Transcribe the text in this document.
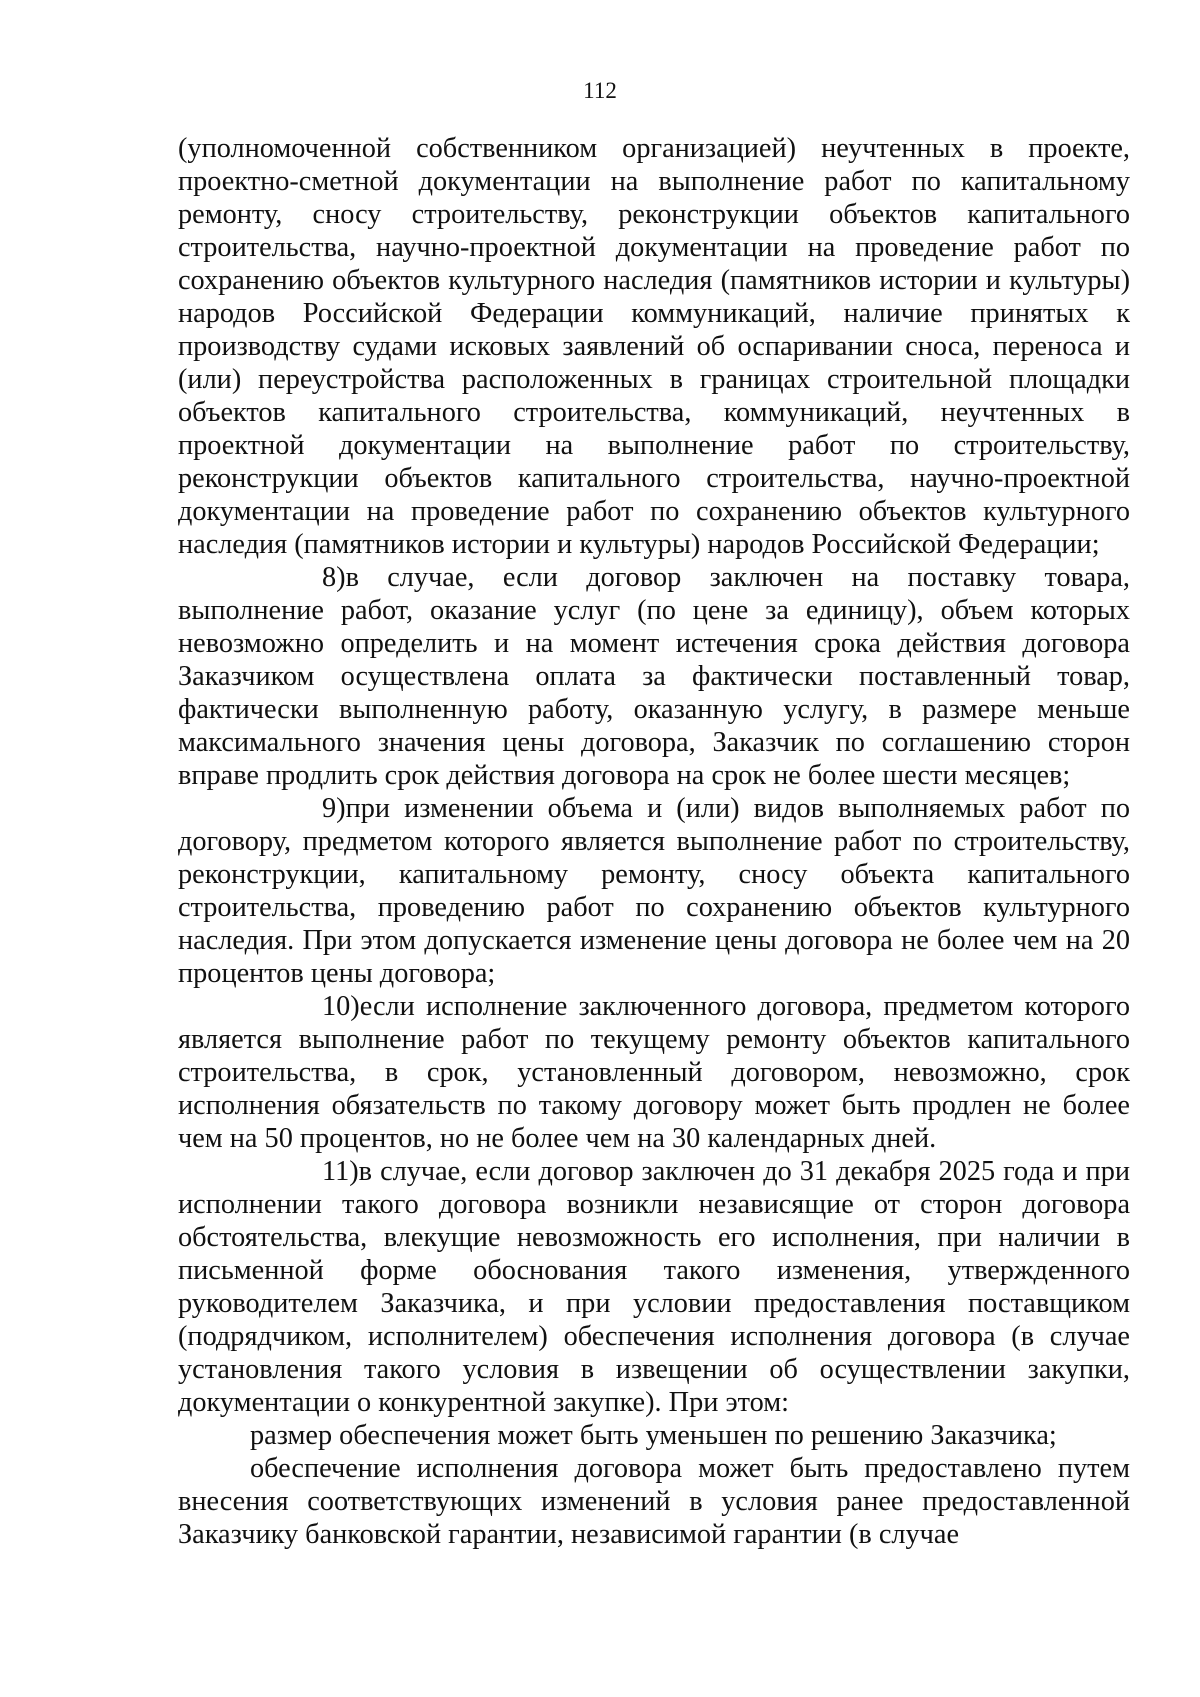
112

(уполномоченной собственником организацией) неучтенных в проекте, проектно-сметной документации на выполнение работ по капитальному ремонту, сносу строительству, реконструкции объектов капитального строительства, научно-проектной документации на проведение работ по сохранению объектов культурного наследия (памятников истории и культуры) народов Российской Федерации коммуникаций, наличие принятых к производству судами исковых заявлений об оспаривании сноса, переноса и (или) переустройства расположенных в границах строительной площадки объектов капитального строительства, коммуникаций, неучтенных в проектной документации на выполнение работ по строительству, реконструкции объектов капитального строительства, научно-проектной документации на проведение работ по сохранению объектов культурного наследия (памятников истории и культуры) народов Российской Федерации;

8)в случае, если договор заключен на поставку товара, выполнение работ, оказание услуг (по цене за единицу), объем которых невозможно определить и на момент истечения срока действия договора Заказчиком осуществлена оплата за фактически поставленный товар, фактически выполненную работу, оказанную услугу, в размере меньше максимального значения цены договора, Заказчик по соглашению сторон вправе продлить срок действия договора на срок не более шести месяцев;

9)при изменении объема и (или) видов выполняемых работ по договору, предметом которого является выполнение работ по строительству, реконструкции, капитальному ремонту, сносу объекта капитального строительства, проведению работ по сохранению объектов культурного наследия. При этом допускается изменение цены договора не более чем на 20 процентов цены договора;

10)если исполнение заключенного договора, предметом которого является выполнение работ по текущему ремонту объектов капитального строительства, в срок, установленный договором, невозможно, срок исполнения обязательств по такому договору может быть продлен не более чем на 50 процентов, но не более чем на 30 календарных дней.

11)в случае, если договор заключен до 31 декабря 2025 года и при исполнении такого договора возникли независящие от сторон договора обстоятельства, влекущие невозможность его исполнения, при наличии в письменной форме обоснования такого изменения, утвержденного руководителем Заказчика, и при условии предоставления поставщиком (подрядчиком, исполнителем) обеспечения исполнения договора (в случае установления такого условия в извещении об осуществлении закупки, документации о конкурентной закупке). При этом:

размер обеспечения может быть уменьшен по решению Заказчика;

обеспечение исполнения договора может быть предоставлено путем внесения соответствующих изменений в условия ранее предоставленной Заказчику банковской гарантии, независимой гарантии (в случае
